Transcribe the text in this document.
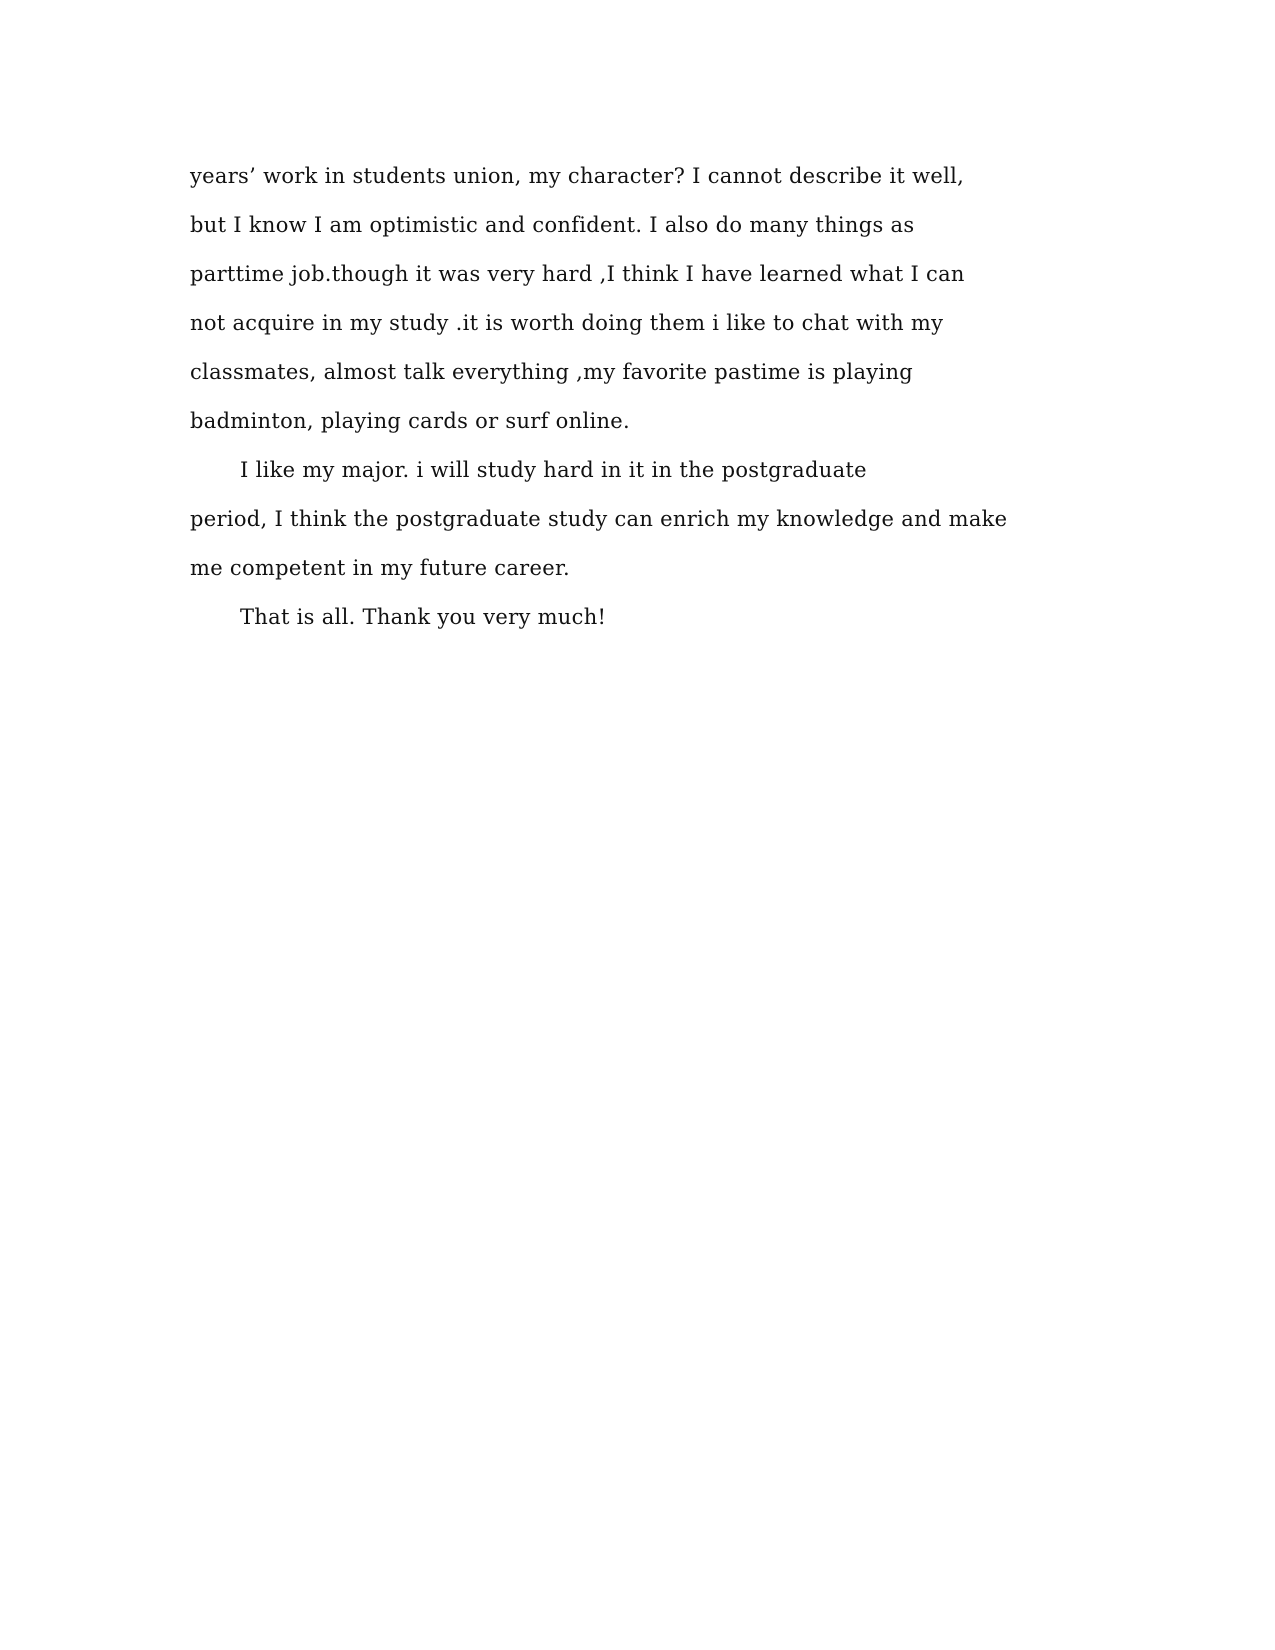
years’ work in students union, my character? I cannot describe it well,
but I know I am optimistic and confident. I also do many things as
parttime job.though it was very hard ,I think I have learned what I can
not acquire in my study .it is worth doing them i like to chat with my
classmates, almost talk everything ,my favorite pastime is playing
badminton, playing cards or surf online.
I like my major. i will study hard in it in the postgraduate
period, I think the postgraduate study can enrich my knowledge and make
me competent in my future career.
That is all. Thank you very much!
